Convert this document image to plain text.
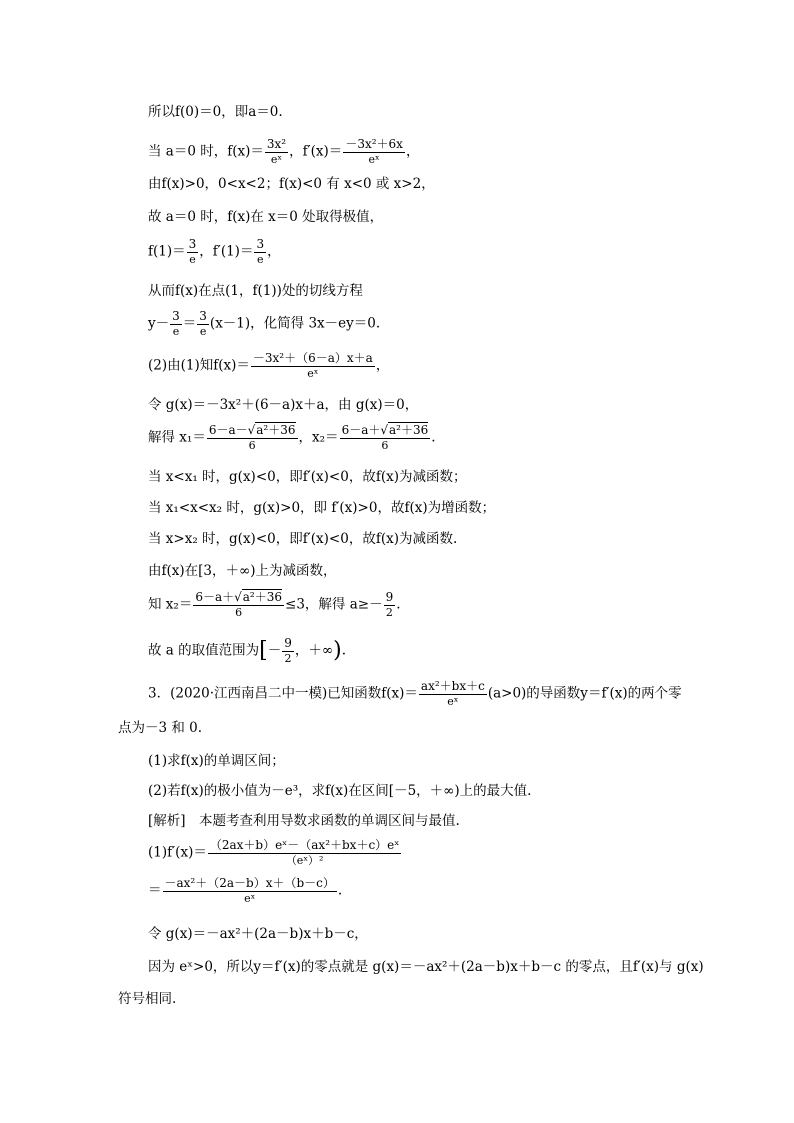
所以f(0)＝0，即a＝0.
当 a＝0 时，$f(x)= \frac{\text{3x²}}{\text{eˣ}}$ ，$f'(x)= \frac{\text{－3x²＋6x}}{\text{eˣ}}$ ，
由f(x)>0，0<x<2；f(x)<0 有 x<0 或 x>2，
故 a＝0 时，f(x)在 x＝0 处取得极值，
$f(1)= \frac{3}{e}$ ，$f'(1)= \frac{3}{e}$ ，
从而f(x)在点(1，f(1))处的切线方程
$y- \frac{3}{e} = \frac{3}{e} (x-1)$，化简得 3x－ey＝0.
(2)由(1)知$f(x)= \frac{\text{－3x²＋（6－a）x＋a}}{\text{eˣ}}$ ，
令 g(x)＝－3x²＋(6－a)x＋a，由 g(x)＝0，
解得 $x_1= \frac{\text{6－a－√a²＋36}}{6}$ ，$x_2= \frac{\text{6－a＋√a²＋36}}{6}$ .
当 x<x₁ 时，g(x)<0，即f′(x)<0，故f(x)为减函数；
当 x₁<x<x₂ 时，g(x)>0，即 f′(x)>0，故f(x)为增函数；
当 x>x₂ 时，g(x)<0，即f′(x)<0，故f(x)为减函数.
由f(x)在[3，＋∞)上为减函数，
知 $x_2= \frac{\text{6－a＋√a²＋36}}{6} \le 3$，解得 $a\ge- \frac{9}{2}$ .
故 a 的取值范围为[－ $\frac{9}{2}$ ，＋∞).
3．(2020·江西南昌二中一模)已知函数$f(x)= \frac{\text{ax²＋bx＋c}}{\text{eˣ}} (a>0)$的导函数y＝f′(x)的两个零
点为－3 和 0.
(1)求f(x)的单调区间；
(2)若f(x)的极小值为－e³，求f(x)在区间[－5，＋∞)上的最大值.
[解析]　本题考查利用导数求函数的单调区间与最值.
$(1)f'(x)= \frac{\text{（2ax＋b）eˣ－（ax²＋bx＋c）eˣ}}{\text{（eˣ）²}}$
＝ $\frac{\text{－ax²＋（2a－b）x＋（b－c）}}{\text{eˣ}}$ .
令 g(x)＝－ax²＋(2a－b)x＋b－c，
因为 eˣ>0，所以y＝f′(x)的零点就是 g(x)＝－ax²＋(2a－b)x＋b－c 的零点，且f′(x)与 g(x)
符号相同.
